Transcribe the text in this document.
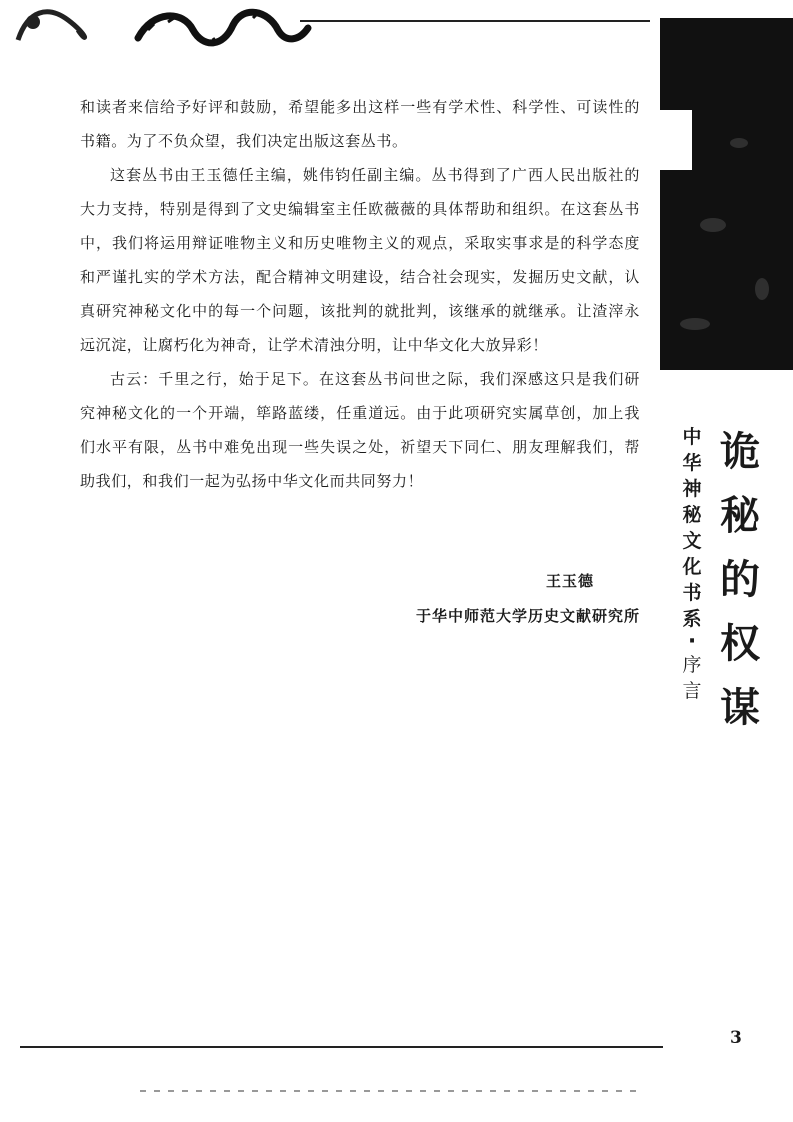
和读者来信给予好评和鼓励，希望能多出这样一些有学术性、科学性、可读性的书籍。为了不负众望，我们决定出版这套丛书。

这套丛书由王玉德任主编，姚伟钧任副主编。丛书得到了广西人民出版社的大力支持，特别是得到了文史编辑室主任欧薇薇的具体帮助和组织。在这套丛书中，我们将运用辩证唯物主义和历史唯物主义的观点，采取实事求是的科学态度和严谨扎实的学术方法，配合精神文明建设，结合社会现实，发掘历史文献，认真研究神秘文化中的每一个问题，该批判的就批判，该继承的就继承。让渣滓永远沉淀，让腐朽化为神奇，让学术清浊分明，让中华文化大放异彩！

古云：千里之行，始于足下。在这套丛书问世之际，我们深感这只是我们研究神秘文化的一个开端，筚路蓝缕，任重道远。由于此项研究实属草创，加上我们水平有限，丛书中难免出现一些失误之处，祈望天下同仁、朋友理解我们，帮助我们，和我们一起为弘扬中华文化而共同努力！

王玉德
于华中师范大学历史文献研究所
中
华
神
秘
文
化
书
系
·
序
言
诡
秘
的
权
谋
3
